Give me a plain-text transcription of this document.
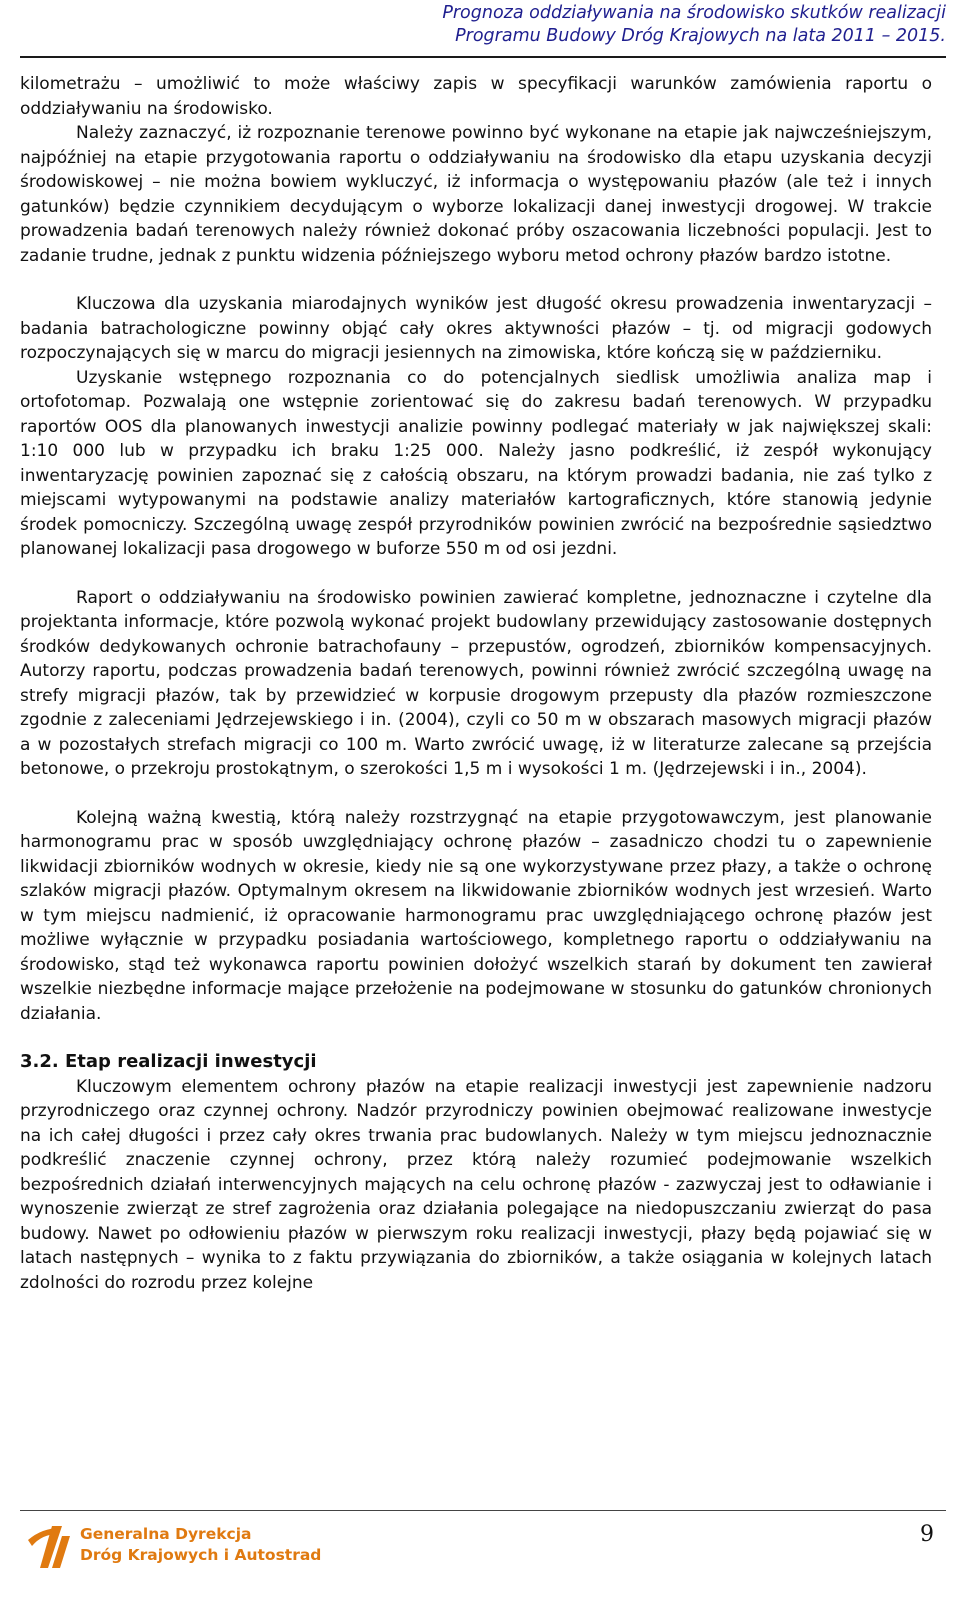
Prognoza oddziaływania na środowisko skutków realizacji
Programu Budowy Dróg Krajowych na lata 2011 – 2015.

kilometrażu – umożliwić to może właściwy zapis w specyfikacji warunków zamówienia raportu o oddziaływaniu na środowisko.

Należy zaznaczyć, iż rozpoznanie terenowe powinno być wykonane na etapie jak najwcześniejszym, najpóźniej na etapie przygotowania raportu o oddziaływaniu na środowisko dla etapu uzyskania decyzji środowiskowej – nie można bowiem wykluczyć, iż informacja o występowaniu płazów (ale też i innych gatunków) będzie czynnikiem decydującym o wyborze lokalizacji danej inwestycji drogowej. W trakcie prowadzenia badań terenowych należy również dokonać próby oszacowania liczebności populacji. Jest to zadanie trudne, jednak z punktu widzenia późniejszego wyboru metod ochrony płazów bardzo istotne.

Kluczowa dla uzyskania miarodajnych wyników jest długość okresu prowadzenia inwentaryzacji – badania batrachologiczne powinny objąć cały okres aktywności płazów – tj. od migracji godowych rozpoczynających się w marcu do migracji jesiennych na zimowiska, które kończą się w październiku.

Uzyskanie wstępnego rozpoznania co do potencjalnych siedlisk umożliwia analiza map i ortofotomap. Pozwalają one wstępnie zorientować się do zakresu badań terenowych. W przypadku raportów OOS dla planowanych inwestycji analizie powinny podlegać materiały w jak największej skali: 1:10 000 lub w przypadku ich braku 1:25 000. Należy jasno podkreślić, iż zespół wykonujący inwentaryzację powinien zapoznać się z całością obszaru, na którym prowadzi badania, nie zaś tylko z miejscami wytypowanymi na podstawie analizy materiałów kartograficznych, które stanowią jedynie środek pomocniczy. Szczególną uwagę zespół przyrodników powinien zwrócić na bezpośrednie sąsiedztwo planowanej lokalizacji pasa drogowego w buforze 550 m od osi jezdni.

Raport o oddziaływaniu na środowisko powinien zawierać kompletne, jednoznaczne i czytelne dla projektanta informacje, które pozwolą wykonać projekt budowlany przewidujący zastosowanie dostępnych środków dedykowanych ochronie batrachofauny – przepustów, ogrodzeń, zbiorników kompensacyjnych. Autorzy raportu, podczas prowadzenia badań terenowych, powinni również zwrócić szczególną uwagę na strefy migracji płazów, tak by przewidzieć w korpusie drogowym przepusty dla płazów rozmieszczone zgodnie z zaleceniami Jędrzejewskiego i in. (2004), czyli co 50 m w obszarach masowych migracji płazów a w pozostałych strefach migracji co 100 m. Warto zwrócić uwagę, iż w literaturze zalecane są przejścia betonowe, o przekroju prostokątnym, o szerokości 1,5 m i wysokości 1 m. (Jędrzejewski i in., 2004).

Kolejną ważną kwestią, którą należy rozstrzygnąć na etapie przygotowawczym, jest planowanie harmonogramu prac w sposób uwzględniający ochronę płazów – zasadniczo chodzi tu o zapewnienie likwidacji zbiorników wodnych w okresie, kiedy nie są one wykorzystywane przez płazy, a także o ochronę szlaków migracji płazów. Optymalnym okresem na likwidowanie zbiorników wodnych jest wrzesień. Warto w tym miejscu nadmienić, iż opracowanie harmonogramu prac uwzględniającego ochronę płazów jest możliwe wyłącznie w przypadku posiadania wartościowego, kompletnego raportu o oddziaływaniu na środowisko, stąd też wykonawca raportu powinien dołożyć wszelkich starań by dokument ten zawierał wszelkie niezbędne informacje mające przełożenie na podejmowane w stosunku do gatunków chronionych działania.

3.2. Etap realizacji inwestycji

Kluczowym elementem ochrony płazów na etapie realizacji inwestycji jest zapewnienie nadzoru przyrodniczego oraz czynnej ochrony. Nadzór przyrodniczy powinien obejmować realizowane inwestycje na ich całej długości i przez cały okres trwania prac budowlanych. Należy w tym miejscu jednoznacznie podkreślić znaczenie czynnej ochrony, przez którą należy rozumieć podejmowanie wszelkich bezpośrednich działań interwencyjnych mających na celu ochronę płazów - zazwyczaj jest to odławianie i wynoszenie zwierząt ze stref zagrożenia oraz działania polegające na niedopuszczaniu zwierząt do pasa budowy. Nawet po odłowieniu płazów w pierwszym roku realizacji inwestycji, płazy będą pojawiać się w latach następnych – wynika to z faktu przywiązania do zbiorników, a także osiągania w kolejnych latach zdolności do rozrodu przez kolejne

Generalna Dyrekcja
Dróg Krajowych i Autostrad
9
